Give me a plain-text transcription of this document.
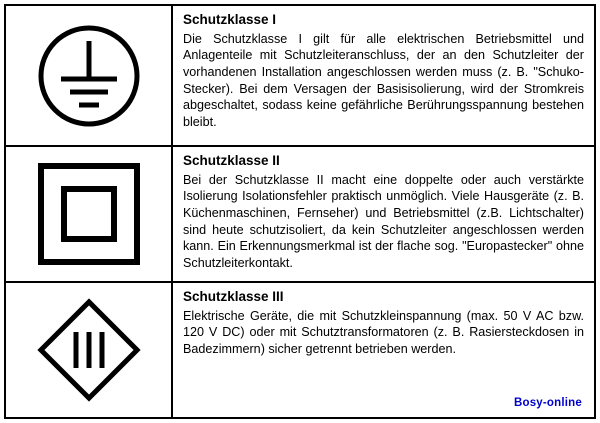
Schutzklasse I

Die Schutzklasse I gilt für alle elektrischen Betriebsmittel und Anlagenteile mit Schutzleiteranschluss, der an den Schutzleiter der vorhandenen Installation angeschlossen werden muss (z. B. "Schuko-Stecker). Bei dem Versagen der Basisisolierung, wird der Stromkreis abgeschaltet, sodass keine gefährliche Berührungsspannung bestehen bleibt.

Schutzklasse II

Bei der Schutzklasse II macht eine doppelte oder auch verstärkte Isolierung Isolationsfehler praktisch unmöglich. Viele Hausgeräte (z. B. Küchenmaschinen, Fernseher) und Betriebsmittel (z.B. Lichtschalter) sind heute schutzisoliert, da kein Schutzleiter angeschlossen werden kann. Ein Erkennungsmerkmal ist der flache sog. "Europastecker" ohne Schutzleiterkontakt.

Schutzklasse III

Elektrische Geräte, die mit Schutzkleinspannung (max. 50 V AC bzw. 120 V DC) oder mit Schutztransformatoren (z. B. Rasiersteckdosen in Badezimmern) sicher getrennt betrieben werden.

Bosy-online
